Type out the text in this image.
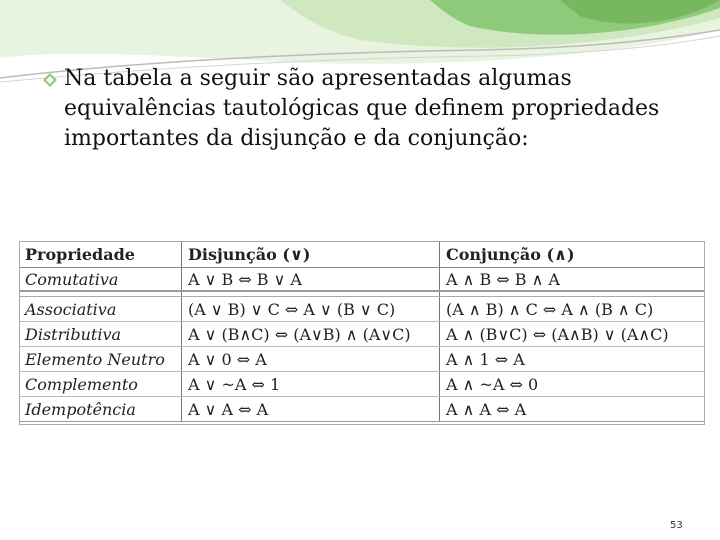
Na tabela a seguir são apresentadas algumas
equivalências tautológicas que definem propriedades
importantes da disjunção e da conjunção:
Propriedade	Disjunção (∨)	Conjunção (∧)
Comutativa	A ∨ B ⇔ B ∨ A	A ∧ B ⇔ B ∧ A

Associativa	(A ∨ B) ∨ C ⇔ A ∨ (B ∨ C)	(A ∧ B) ∧ C ⇔ A ∧ (B ∧ C)
Distributiva	A ∨ (B∧C) ⇔ (A∨B) ∧ (A∨C)	A ∧ (B∨C) ⇔ (A∧B) ∨ (A∧C)
Elemento Neutro	A ∨ 0 ⇔ A	A ∧ 1 ⇔ A
Complemento	A ∨ ~A ⇔ 1	A ∧ ~A ⇔ 0
Idempotência	A ∨ A ⇔ A	A ∧ A ⇔ A
53
